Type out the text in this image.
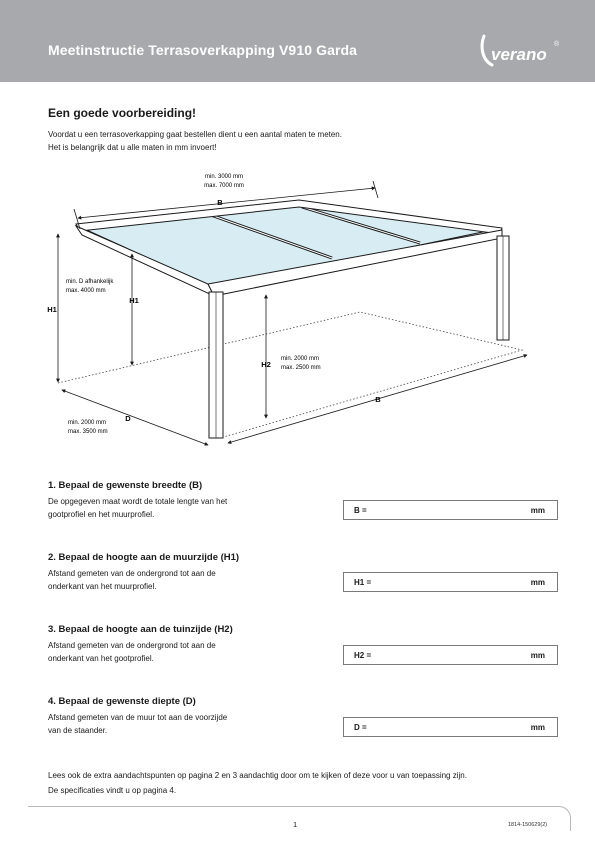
Meetinstructie Terrasoverkapping V910 Garda	verano
®
Een goede voorbereiding!
Voordat u een terrasoverkapping gaat bestellen dient u een aantal maten te meten.
Het is belangrijk dat u alle maten in mm invoert!
B
min. 3000 mm
max. 7000 mm
H1
H1
min. D afhankelijk
max. 4000 mm
H2
min. 2000 mm
max. 2500 mm
B
D
min. 2000 mm
max. 3500 mm
1. Bepaal de gewenste breedte (B)
De opgegeven maat wordt de totale lengte van het
gootprofiel en het muurprofiel.	B =	mm
2. Bepaal de hoogte aan de muurzijde (H1)
Afstand gemeten van de ondergrond tot aan de
onderkant van het muurprofiel.	H1 =	mm
3. Bepaal de hoogte aan de tuinzijde (H2)
Afstand gemeten van de ondergrond tot aan de
onderkant van het gootprofiel.	H2 =	mm
4. Bepaal de gewenste diepte (D)
Afstand gemeten van de muur tot aan de voorzijde
van de staander.	D =	mm
Lees ook de extra aandachtspunten op pagina 2 en 3 aandachtig door om te kijken of deze voor u van toepassing zijn.
De specificaties vindt u op pagina 4.
1	1814-150629(2)
